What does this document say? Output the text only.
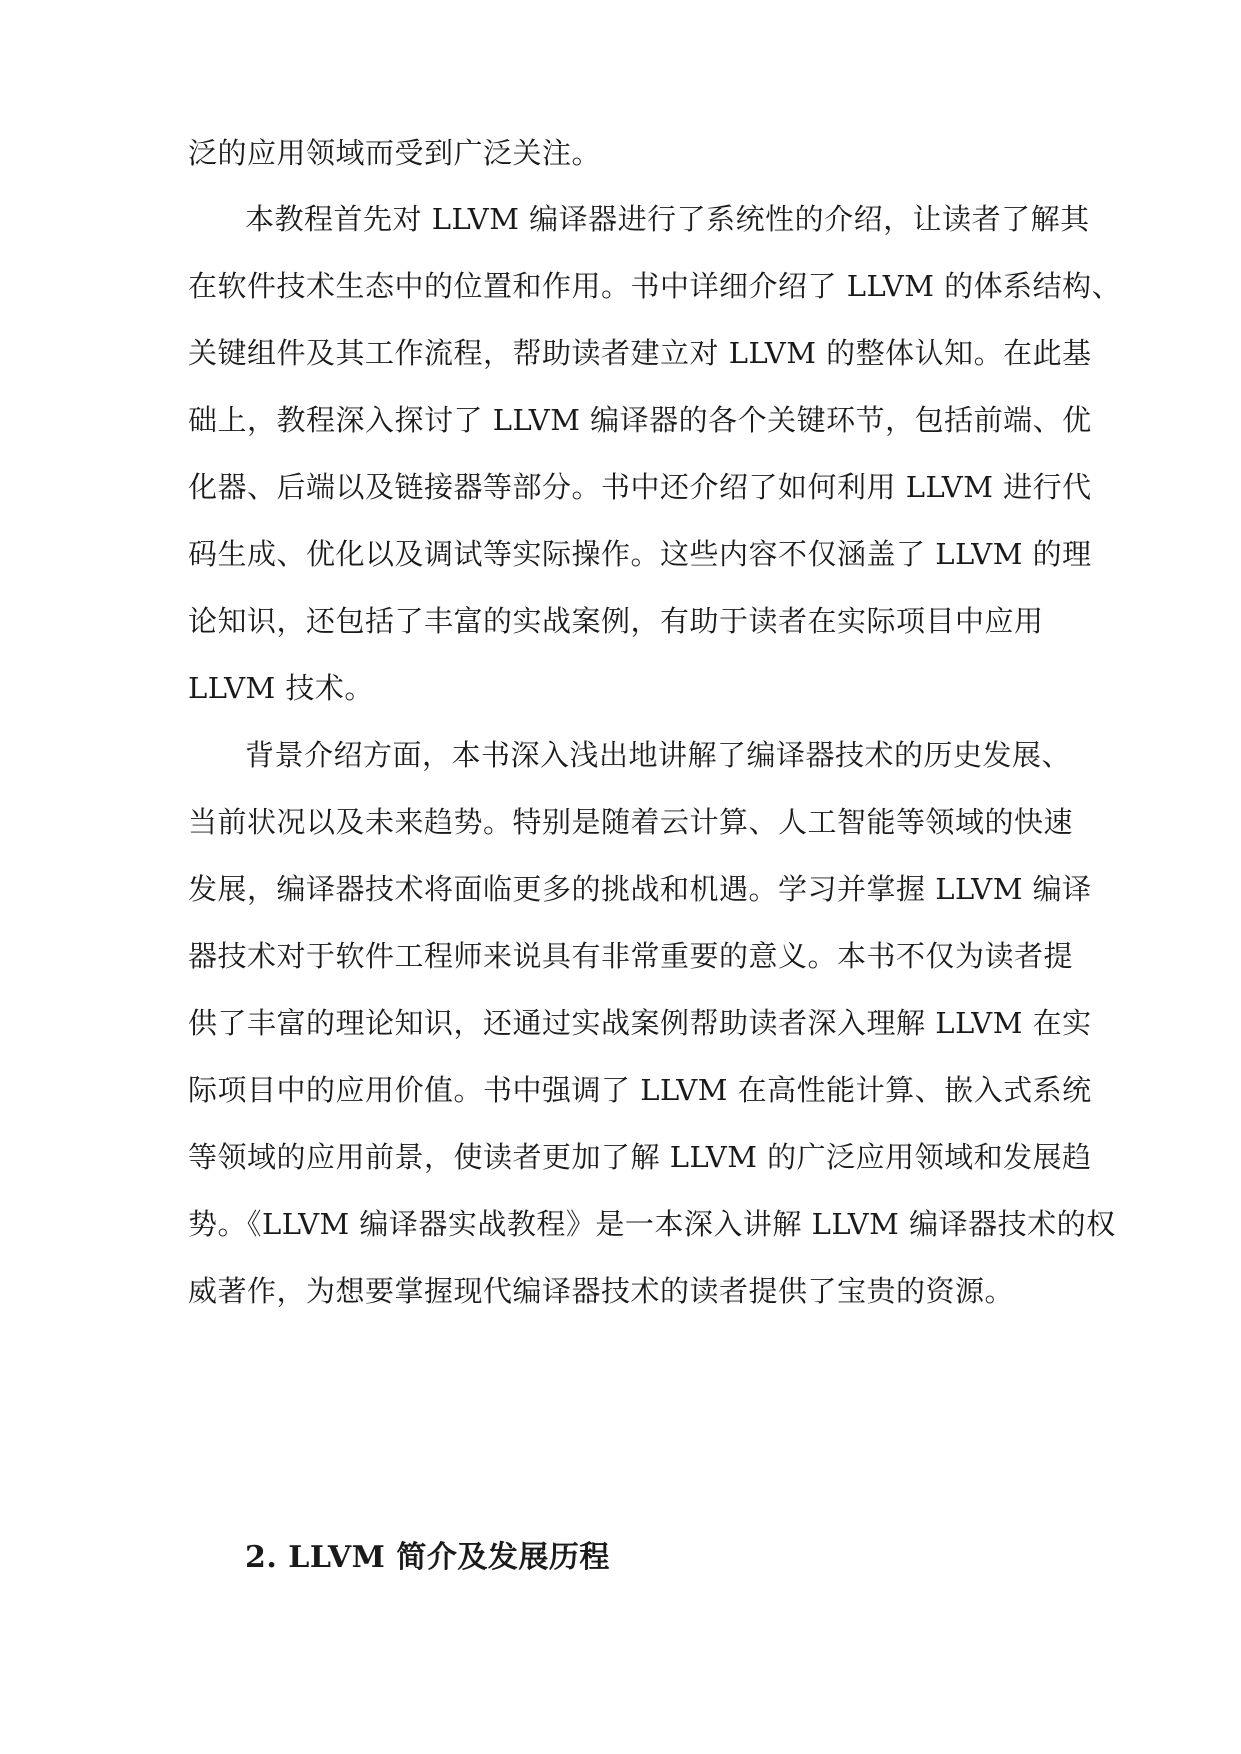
泛的应用领域而受到广泛关注。
本教程首先对 LLVM 编译器进行了系统性的介绍，让读者了解其
在软件技术生态中的位置和作用。书中详细介绍了 LLVM 的体系结构、
关键组件及其工作流程，帮助读者建立对 LLVM 的整体认知。在此基
础上，教程深入探讨了 LLVM 编译器的各个关键环节，包括前端、优
化器、后端以及链接器等部分。书中还介绍了如何利用 LLVM 进行代
码生成、优化以及调试等实际操作。这些内容不仅涵盖了 LLVM 的理
论知识，还包括了丰富的实战案例，有助于读者在实际项目中应用
LLVM 技术。
背景介绍方面，本书深入浅出地讲解了编译器技术的历史发展、
当前状况以及未来趋势。特别是随着云计算、人工智能等领域的快速
发展，编译器技术将面临更多的挑战和机遇。学习并掌握 LLVM 编译
器技术对于软件工程师来说具有非常重要的意义。本书不仅为读者提
供了丰富的理论知识，还通过实战案例帮助读者深入理解 LLVM 在实
际项目中的应用价值。书中强调了 LLVM 在高性能计算、嵌入式系统
等领域的应用前景，使读者更加了解 LLVM 的广泛应用领域和发展趋
势。《LLVM 编译器实战教程》是一本深入讲解 LLVM 编译器技术的权
威著作，为想要掌握现代编译器技术的读者提供了宝贵的资源。
2. LLVM 简介及发展历程
